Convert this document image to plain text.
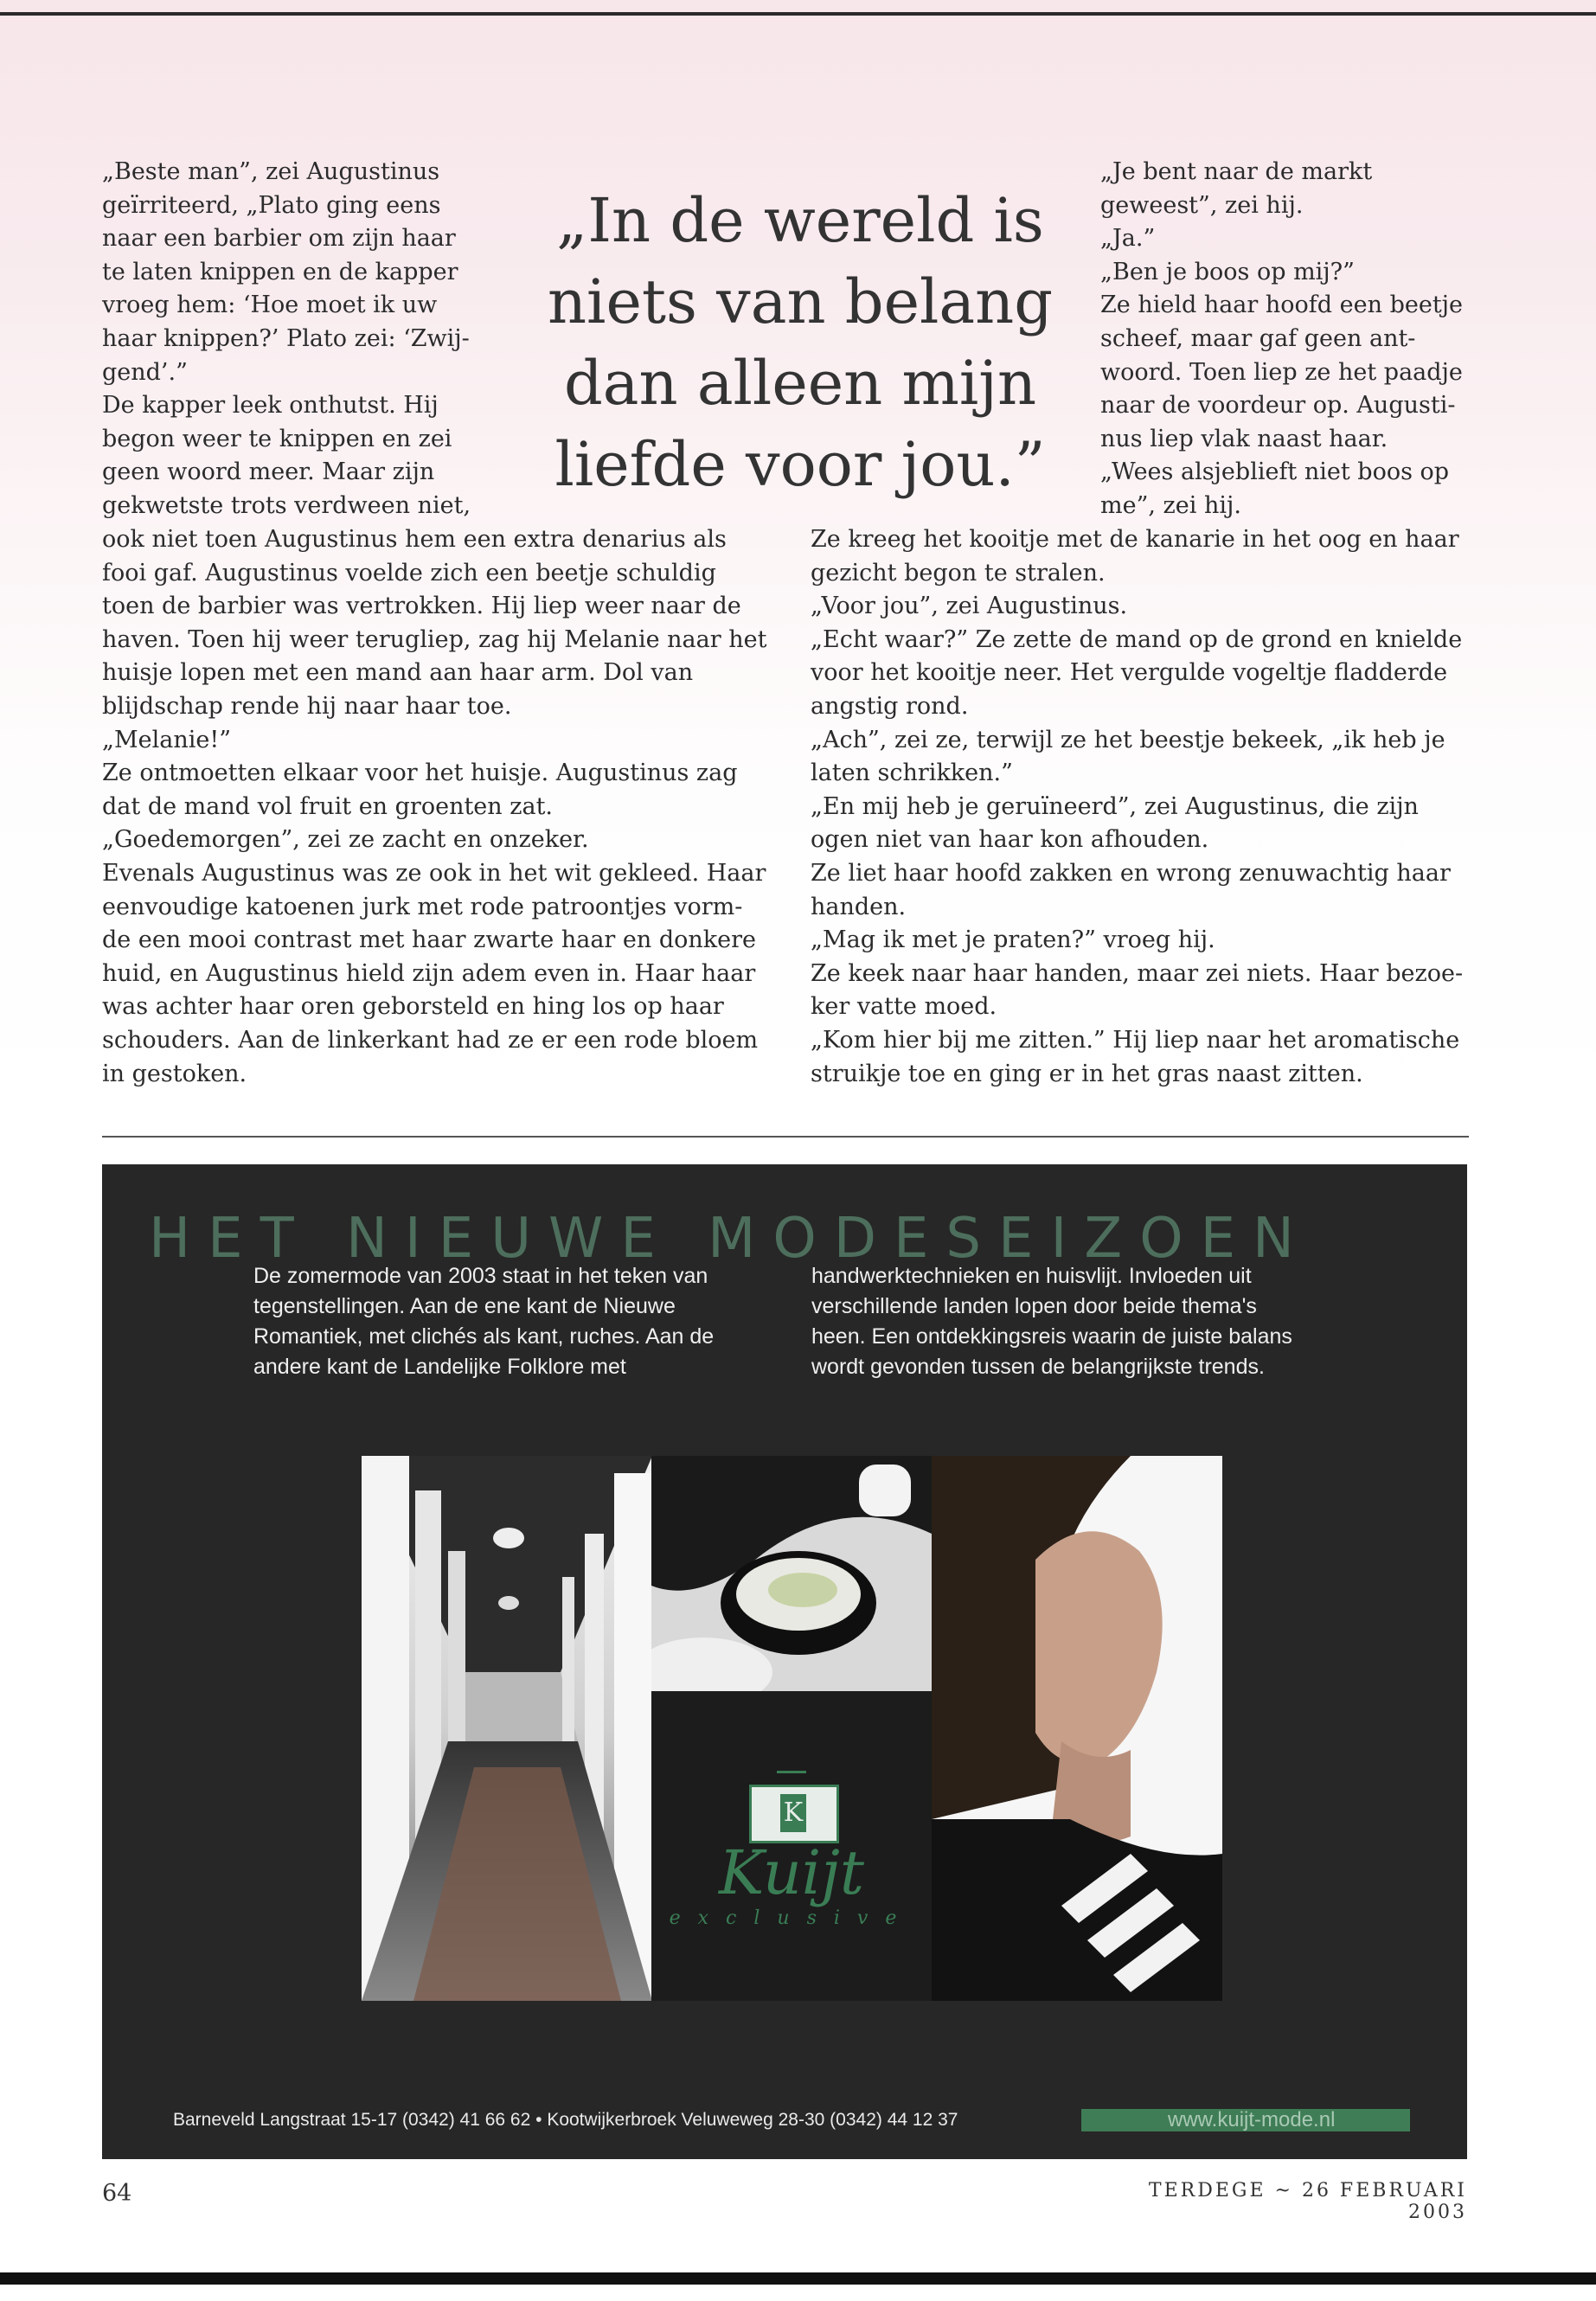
„Beste man”, zei Augustinus

geïrriteerd, „Plato ging eens

naar een barbier om zijn haar

te laten knippen en de kapper

vroeg hem: ‘Hoe moet ik uw

haar knippen?’ Plato zei: ‘Zwij-

gend’.”

De kapper leek onthutst. Hij

begon weer te knippen en zei

geen woord meer. Maar zijn

gekwetste trots verdween niet,

ook niet toen Augustinus hem een extra denarius als

fooi gaf. Augustinus voelde zich een beetje schuldig

toen de barbier was vertrokken. Hij liep weer naar de

haven. Toen hij weer terugliep, zag hij Melanie naar het

huisje lopen met een mand aan haar arm. Dol van

blijdschap rende hij naar haar toe.

„Melanie!”

Ze ontmoetten elkaar voor het huisje. Augustinus zag

dat de mand vol fruit en groenten zat.

„Goedemorgen”, zei ze zacht en onzeker.

Evenals Augustinus was ze ook in het wit gekleed. Haar

eenvoudige katoenen jurk met rode patroontjes vorm-

de een mooi contrast met haar zwarte haar en donkere

huid, en Augustinus hield zijn adem even in. Haar haar

was achter haar oren geborsteld en hing los op haar

schouders. Aan de linkerkant had ze er een rode bloem

in gestoken.

„In de wereld is
niets van belang
dan alleen mijn
liefde voor jou.”

„Je bent naar de markt

geweest”, zei hij.

„Ja.”

„Ben je boos op mij?”

Ze hield haar hoofd een beetje

scheef, maar gaf geen ant-

woord. Toen liep ze het paadje

naar de voordeur op. Augusti-

nus liep vlak naast haar.

„Wees alsjeblieft niet boos op

me”, zei hij.

Ze kreeg het kooitje met de kanarie in het oog en haar

gezicht begon te stralen.

„Voor jou”, zei Augustinus.

„Echt waar?” Ze zette de mand op de grond en knielde

voor het kooitje neer. Het vergulde vogeltje fladderde

angstig rond.

„Ach”, zei ze, terwijl ze het beestje bekeek, „ik heb je

laten schrikken.”

„En mij heb je geruïneerd”, zei Augustinus, die zijn

ogen niet van haar kon afhouden.

Ze liet haar hoofd zakken en wrong zenuwachtig haar

handen.

„Mag ik met je praten?” vroeg hij.

Ze keek naar haar handen, maar zei niets. Haar bezoe-

ker vatte moed.

„Kom hier bij me zitten.” Hij liep naar het aromatische

struikje toe en ging er in het gras naast zitten.

HET NIEUWE MODESEIZOEN

De zomermode van 2003 staat in het teken van

tegenstellingen. Aan de ene kant de Nieuwe

Romantiek, met clichés als kant, ruches. Aan de

andere kant de Landelijke Folklore met

handwerktechnieken en huisvlijt. Invloeden uit

verschillende landen lopen door beide thema's

heen. Een ontdekkingsreis waarin de juiste balans

wordt gevonden tussen de belangrijkste trends.

K
Kuijt
exclusive
Barneveld Langstraat 15-17 (0342) 41 66 62 • Kootwijkerbroek Veluweweg 28-30 (0342) 44 12 37	www.kuijt-mode.nl
64	TERDEGE ~ 26 FEBRUARI 2003
